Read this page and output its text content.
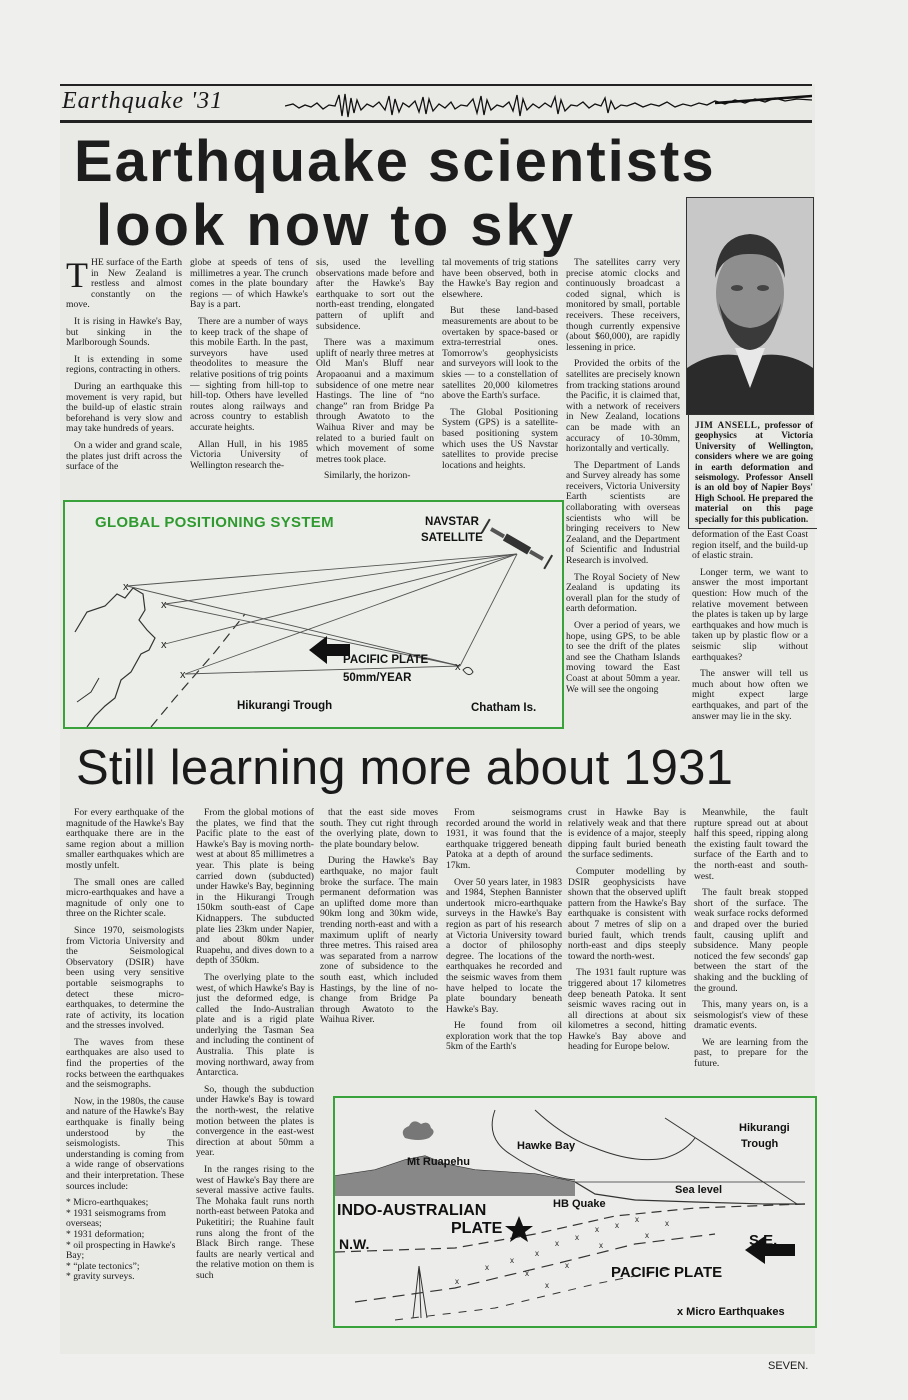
Earthquake '31
Earthquake scientists
look now to sky

THE surface of the Earth in New Zealand is restless and almost constantly on the move.

It is rising in Hawke's Bay, but sinking in the Marlborough Sounds.

It is extending in some regions, contracting in others.

During an earthquake this movement is very rapid, but the build-up of elastic strain beforehand is very slow and may take hundreds of years.

On a wider and grand scale, the plates just drift across the surface of the

globe at speeds of tens of millimetres a year. The crunch comes in the plate boundary regions — of which Hawke's Bay is a part.

There are a number of ways to keep track of the shape of this mobile Earth. In the past, surveyors have used theodolites to measure the relative positions of trig points — sighting from hill-top to hill-top. Others have levelled routes along railways and across country to establish accurate heights.

Allan Hull, in his 1985 Victoria University of Wellington research the-

sis, used the levelling observations made before and after the Hawke's Bay earthquake to sort out the north-east trending, elongated pattern of uplift and subsidence.

There was a maximum uplift of nearly three metres at Old Man's Bluff near Aropaoanui and a maximum subsidence of one metre near Hastings. The line of “no change” ran from Bridge Pa through Awatoto to the Waihua River and may be related to a buried fault on which movement of some metres took place.

Similarly, the horizon-

tal movements of trig stations have been observed, both in the Hawke's Bay region and elsewhere.

But these land-based measurements are about to be overtaken by space-based or extra-terrestrial ones. Tomorrow's geophysicists and surveyors will look to the skies — to a constellation of satellites 20,000 kilometres above the Earth's surface.

The Global Positioning System (GPS) is a satellite-based positioning system which uses the US Navstar satellites to provide precise locations and heights.

The satellites carry very precise atomic clocks and continuously broadcast a coded signal, which is monitored by small, portable receivers. These receivers, though currently expensive (about $60,000), are rapidly lessening in price.

Provided the orbits of the satellites are precisely known from tracking stations around the Pacific, it is claimed that, with a network of receivers in New Zealand, locations can be made with an accuracy of 10-30mm, horizontally and vertically.

The Department of Lands and Survey already has some receivers, Victoria University Earth scientists are collaborating with overseas scientists who will be bringing receivers to New Zealand, and the Department of Scientific and Industrial Research is involved.

The Royal Society of New Zealand is updating its overall plan for the study of earth deformation.

Over a period of years, we hope, using GPS, to be able to see the drift of the plates and see the Chatham Islands moving toward the East Coast at about 50mm a year. We will see the ongoing

deformation of the East Coast region itself, and the build-up of elastic strain.

Longer term, we want to answer the most important question: How much of the relative movement between the plates is taken up by large earthquakes and how much is taken up by plastic flow or a seismic slip without earthquakes?

The answer will tell us much about how often we might expect large earthquakes, and part of the answer may lie in the sky.

JIM ANSELL, professor of geophysics at Victoria University of Wellington, considers where we are going in earth deformation and seismology. Professor Ansell is an old boy of Napier Boys' High School. He prepared the material on this page specially for this publication.
GLOBAL POSITIONING SYSTEM
x
x
x
x
x
NAVSTAR
SATELLITE
PACIFIC PLATE
50mm/YEAR
Hikurangi Trough	Chatham Is.
Still learning more about 1931

For every earthquake of the magnitude of the Hawke's Bay earthquake there are in the same region about a million smaller earthquakes which are mostly unfelt.

The small ones are called micro-earthquakes and have a magnitude of only one to three on the Richter scale.

Since 1970, seismologists from Victoria University and the Seismological Observatory (DSIR) have been using very sensitive portable seismographs to detect these micro-earthquakes, to determine the rate of activity, its location and the stresses involved.

The waves from these earthquakes are also used to find the properties of the rocks between the earthquakes and the seismographs.

Now, in the 1980s, the cause and nature of the Hawke's Bay earthquake is finally being understood by the seismologists. This understanding is coming from a wide range of observations and their interpretation. These sources include:

* Micro-earthquakes;
* 1931 seismograms from overseas;
* 1931 deformation;
* oil prospecting in Hawke's Bay;
* “plate tectonics”;
* gravity surveys.

From the global motions of the plates, we find that the Pacific plate to the east of Hawke's Bay is moving north-west at about 85 millimetres a year. This plate is being carried down (subducted) under Hawke's Bay, beginning in the Hikurangi Trough 150km south-east of Cape Kidnappers. The subducted plate lies 23km under Napier, and about 80km under Ruapehu, and dives down to a depth of 350km.

The overlying plate to the west, of which Hawke's Bay is just the deformed edge, is called the Indo-Australian plate and is a rigid plate underlying the Tasman Sea and including the continent of Australia. This plate is moving northward, away from Antarctica.

So, though the subduction under Hawke's Bay is toward the north-west, the relative motion between the plates is convergence in the east-west direction at about 50mm a year.

In the ranges rising to the west of Hawke's Bay there are several massive active faults. The Mohaka fault runs north north-east between Patoka and Puketitiri; the Ruahine fault runs along the front of the Black Birch range. These faults are nearly vertical and the relative motion on them is such

that the east side moves south. They cut right through the overlying plate, down to the plate boundary below.

During the Hawke's Bay earthquake, no major fault broke the surface. The main permanent deformation was an uplifted dome more than 90km long and 30km wide, trending north-east and with a maximum uplift of nearly three metres. This raised area was separated from a narrow zone of subsidence to the south east, which included Hastings, by the line of no-change from Bridge Pa through Awatoto to the Waihua River.

From seismograms recorded around the world in 1931, it was found that the earthquake triggered beneath Patoka at a depth of around 17km.

Over 50 years later, in 1983 and 1984, Stephen Bannister undertook micro-earthquake surveys in the Hawke's Bay region as part of his research at Victoria University toward a doctor of philosophy degree. The locations of the earthquakes he recorded and the seismic waves from them have helped to locate the plate boundary beneath Hawke's Bay.

He found from oil exploration work that the top 5km of the Earth's

crust in Hawke Bay is relatively weak and that there is evidence of a major, steeply dipping fault buried beneath the surface sediments.

Computer modelling by DSIR geophysicists have shown that the observed uplift pattern from the Hawke's Bay earthquake is consistent with about 7 metres of slip on a buried fault, which trends north-east and dips steeply toward the north-west.

The 1931 fault rupture was triggered about 17 kilometres deep beneath Patoka. It sent seismic waves racing out in all directions at about six kilometres a second, hitting Hawke's Bay above and heading for Europe below.

Meanwhile, the fault rupture spread out at about half this speed, ripping along the existing fault toward the surface of the Earth and to the north-east and south-west.

The fault break stopped short of the surface. The weak surface rocks deformed and draped over the buried fault, causing uplift and subsidence. Many people noticed the few seconds' gap between the start of the shaking and the buckling of the ground.

This, many years on, is a seismologist's view of these dramatic events.

We are learning from the past, to prepare for the future.

x
x
x
x
x
x x
x
x
x
x
x
x
x	x
Mt Ruapehu
Hawke Bay
Hikurangi
Trough
Sea level
INDO-AUSTRALIAN
PLATE
HB Quake
N.W.	S.E.
PACIFIC PLATE
x Micro Earthquakes
SEVEN.
